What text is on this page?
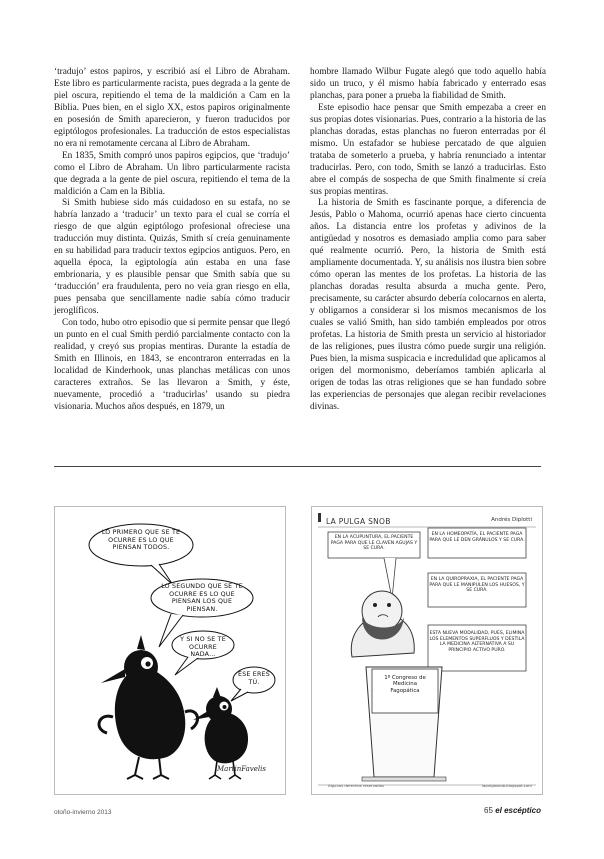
‘tradujo’ estos papiros, y escribió así el Libro de Abraham. Este libro es particularmente racista, pues degrada a la gente de piel oscura, repitiendo el tema de la maldición a Cam en la Biblia. Pues bien, en el siglo XX, estos papiros originalmente en posesión de Smith aparecieron, y fueron traducidos por egiptólogos profesionales. La traducción de estos especialistas no era ni remotamente cercana al Libro de Abraham.

En 1835, Smith compró unos papiros egipcios, que ‘tradujo’ como el Libro de Abraham. Un libro particularmente racista que degrada a la gente de piel oscura, repitiendo el tema de la maldición a Cam en la Biblia.

Si Smith hubiese sido más cuidadoso en su estafa, no se habría lanzado a ‘traducir’ un texto para el cual se corría el riesgo de que algún egiptólogo profesional ofreciese una traducción muy distinta. Quizás, Smith sí creía genuinamente en su habilidad para traducir textos egipcios antiguos. Pero, en aquella época, la egiptología aún estaba en una fase embrionaria, y es plausible pensar que Smith sabía que su ‘traducción’ era fraudulenta, pero no veía gran riesgo en ella, pues pensaba que sencillamente nadie sabía cómo traducir jeroglíficos.

Con todo, hubo otro episodio que sí permite pensar que llegó un punto en el cual Smith perdió parcialmente contacto con la realidad, y creyó sus propias mentiras. Durante la estadía de Smith en Illinois, en 1843, se encontraron enterradas en la localidad de Kinderhook, unas planchas metálicas con unos caracteres extraños. Se las llevaron a Smith, y éste, nuevamente, procedió a ‘traducirlas’ usando su piedra visionaria. Muchos años después, en 1879, un

hombre llamado Wilbur Fugate alegó que todo aquello había sido un truco, y él mismo había fabricado y enterrado esas planchas, para poner a prueba la fiabilidad de Smith.

Este episodio hace pensar que Smith empezaba a creer en sus propias dotes visionarias. Pues, contrario a la historia de las planchas doradas, estas planchas no fueron enterradas por él mismo. Un estafador se hubiese percatado de que alguien trataba de someterlo a prueba, y habría renunciado a intentar traducirlas. Pero, con todo, Smith se lanzó a traducirlas. Esto abre el compás de sospecha de que Smith finalmente sí creía sus propias mentiras.

La historia de Smith es fascinante porque, a diferencia de Jesús, Pablo o Mahoma, ocurrió apenas hace cierto cincuenta años. La distancia entre los profetas y adivinos de la antigüedad y nosotros es demasiado amplia como para saber qué realmente ocurrió. Pero, la historia de Smith está ampliamente documentada. Y, su análisis nos ilustra bien sobre cómo operan las mentes de los profetas. La historia de las planchas doradas resulta absurda a mucha gente. Pero, precisamente, su carácter absurdo debería colocarnos en alerta, y obligarnos a considerar si los mismos mecanismos de los cuales se valió Smith, han sido también empleados por otros profetas. La historia de Smith presta un servicio al historiador de las religiones, pues ilustra cómo puede surgir una religión. Pues bien, la misma suspicacia e incredulidad que aplicamos al origen del mormonismo, deberíamos también aplicarla al origen de todas las otras religiones que se han fundado sobre las experiencias de personajes que alegan recibir revelaciones divinas.

LO PRIMERO QUE SE TE OCURRE ES LO QUE PIENSAN TODOS.
LO SEGUNDO QUE SE TE OCURRE ES LO QUE PIENSAN LOS QUE PIENSAN.
Y SI NO SE TE OCURRE NADA…
ÉSE ERES TÚ.
MartinFavelis
LA PULGA SNOB	Andrés Diplotti
EN LA ACUPUNTURA, EL PACIENTE PAGA PARA QUE LE CLAVEN AGUJAS Y SE CURA.
EN LA HOMEOPATÍA, EL PACIENTE PAGA PARA QUE LE DEN GRÁNULOS Y SE CURA.
EN LA QUIROPRAXIA, EL PACIENTE PAGA PARA QUE LE MANIPULEN LOS HUESOS, Y SE CURA.
ESTA NUEVA MODALIDAD, PUES, ELIMINA LOS ELEMENTOS SUPERFLUOS Y DESTILA LA MEDICINA ALTERNATIVA A SU PRINCIPIO ACTIVO PURO.
1º Congreso de Medicina Fagopática
Algunos derechos reservados	lapulgasnob.blogspot.com
otoño-invierno 2013	65 el escéptico
